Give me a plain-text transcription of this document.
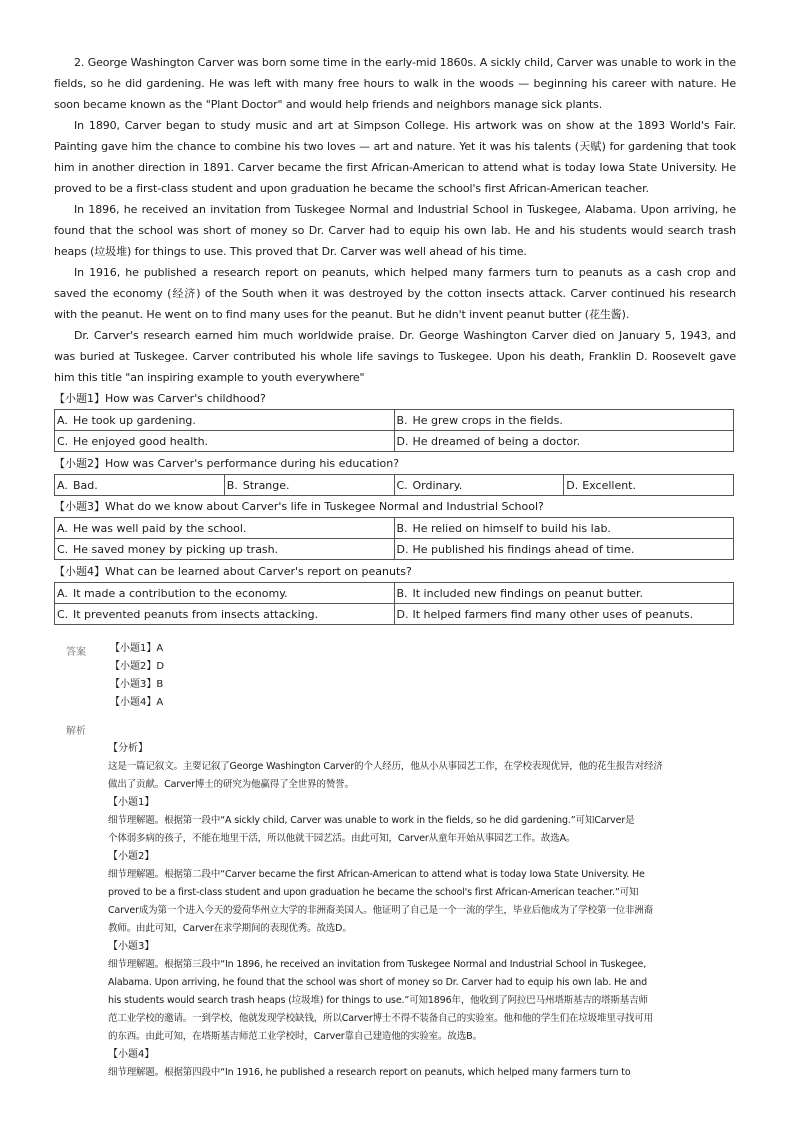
2. George Washington Carver was born some time in the early-mid 1860s. A sickly child, Carver was unable to work in the fields, so he did gardening. He was left with many free hours to walk in the woods — beginning his career with nature. He soon became known as the "Plant Doctor" and would help friends and neighbors manage sick plants.

In 1890, Carver began to study music and art at Simpson College. His artwork was on show at the 1893 World's Fair. Painting gave him the chance to combine his two loves — art and nature. Yet it was his talents (天赋) for gardening that took him in another direction in 1891. Carver became the first African-American to attend what is today Iowa State University. He proved to be a first-class student and upon graduation he became the school's first African-American teacher.

In 1896, he received an invitation from Tuskegee Normal and Industrial School in Tuskegee, Alabama. Upon arriving, he found that the school was short of money so Dr. Carver had to equip his own lab. He and his students would search trash heaps (垃圾堆) for things to use. This proved that Dr. Carver was well ahead of his time.

In 1916, he published a research report on peanuts, which helped many farmers turn to peanuts as a cash crop and saved the economy (经济) of the South when it was destroyed by the cotton insects attack. Carver continued his research with the peanut. He went on to find many uses for the peanut. But he didn't invent peanut butter (花生酱).

Dr. Carver's research earned him much worldwide praise. Dr. George Washington Carver died on January 5, 1943, and was buried at Tuskegee. Carver contributed his whole life savings to Tuskegee. Upon his death, Franklin D. Roosevelt gave him this title "an inspiring example to youth everywhere"

【小题1】How was Carver's childhood?

A. He took up gardening.	B. He grew crops in the fields.
C. He enjoyed good health.	D. He dreamed of being a doctor.

【小题2】How was Carver's performance during his education?

A. Bad.	B. Strange.	C. Ordinary.	D. Excellent.

【小题3】What do we know about Carver's life in Tuskegee Normal and Industrial School?

A. He was well paid by the school.	B. He relied on himself to build his lab.
C. He saved money by picking up trash.	D. He published his findings ahead of time.

【小题4】What can be learned about Carver's report on peanuts?

A. It made a contribution to the economy.	B. It included new findings on peanut butter.
C. It prevented peanuts from insects attacking.	D. It helped farmers find many other uses of peanuts.
答案 【小题1】A
【小题2】D
【小题3】B
【小题4】A
解析
【分析】
这是一篇记叙文。主要记叙了George Washington Carver的个人经历，他从小从事园艺工作，在学校表现优异，他的花生报告对经济
做出了贡献。Carver博士的研究为他赢得了全世界的赞誉。
【小题1】
细节理解题。根据第一段中“A sickly child, Carver was unable to work in the fields, so he did gardening.”可知Carver是
个体弱多病的孩子，不能在地里干活，所以他就干园艺活。由此可知，Carver从童年开始从事园艺工作。故选A。
【小题2】
细节理解题。根据第二段中“Carver became the first African-American to attend what is today Iowa State University. He
proved to be a first-class student and upon graduation he became the school's first African-American teacher.”可知
Carver成为第一个进入今天的爱荷华州立大学的非洲裔美国人。他证明了自己是一个一流的学生，毕业后他成为了学校第一位非洲裔
教师。由此可知，Carver在求学期间的表现优秀。故选D。
【小题3】
细节理解题。根据第三段中“In 1896, he received an invitation from Tuskegee Normal and Industrial School in Tuskegee,
Alabama. Upon arriving, he found that the school was short of money so Dr. Carver had to equip his own lab. He and
his students would search trash heaps (垃圾堆) for things to use.”可知1896年，他收到了阿拉巴马州塔斯基吉的塔斯基吉师
范工业学校的邀请。一到学校，他就发现学校缺钱，所以Carver博士不得不装备自己的实验室。他和他的学生们在垃圾堆里寻找可用
的东西。由此可知，在塔斯基吉师范工业学校时，Carver靠自己建造他的实验室。故选B。
【小题4】
细节理解题。根据第四段中“In 1916, he published a research report on peanuts, which helped many farmers turn to
